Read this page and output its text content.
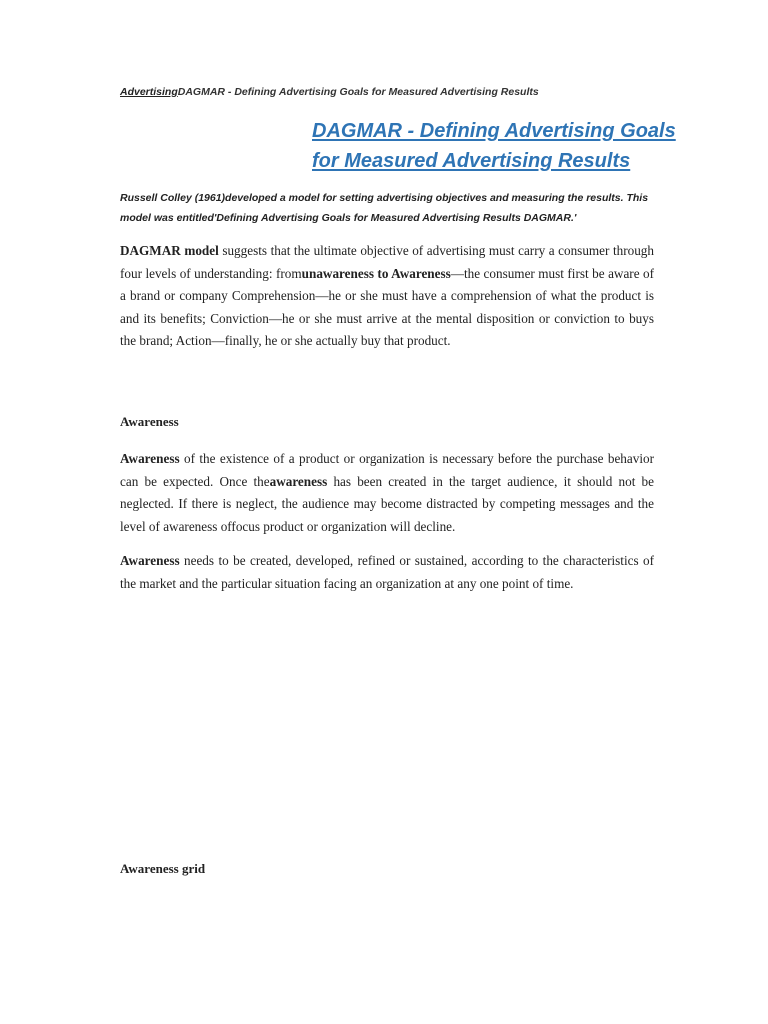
AdvertisingDAGMAR - Defining Advertising Goals for Measured Advertising Results
DAGMAR - Defining Advertising Goals
for Measured Advertising Results
Russell Colley (1961)developed a model for setting advertising objectives and measuring the results. This model was entitled'Defining Advertising Goals for Measured Advertising Results DAGMAR.'
DAGMAR model suggests that the ultimate objective of advertising must carry a consumer through four levels of understanding: fromunawareness to Awareness—the consumer must first be aware of a brand or company Comprehension—he or she must have a comprehension of what the product is and its benefits; Conviction—he or she must arrive at the mental disposition or conviction to buys the brand; Action—finally, he or she actually buy that product.
Awareness
Awareness of the existence of a product or organization is necessary before the purchase behavior can be expected. Once theawareness has been created in the target audience, it should not be neglected. If there is neglect, the audience may become distracted by competing messages and the level of awareness offocus product or organization will decline.
Awareness needs to be created, developed, refined or sustained, according to the characteristics of the market and the particular situation facing an organization at any one point of time.
Awareness grid
